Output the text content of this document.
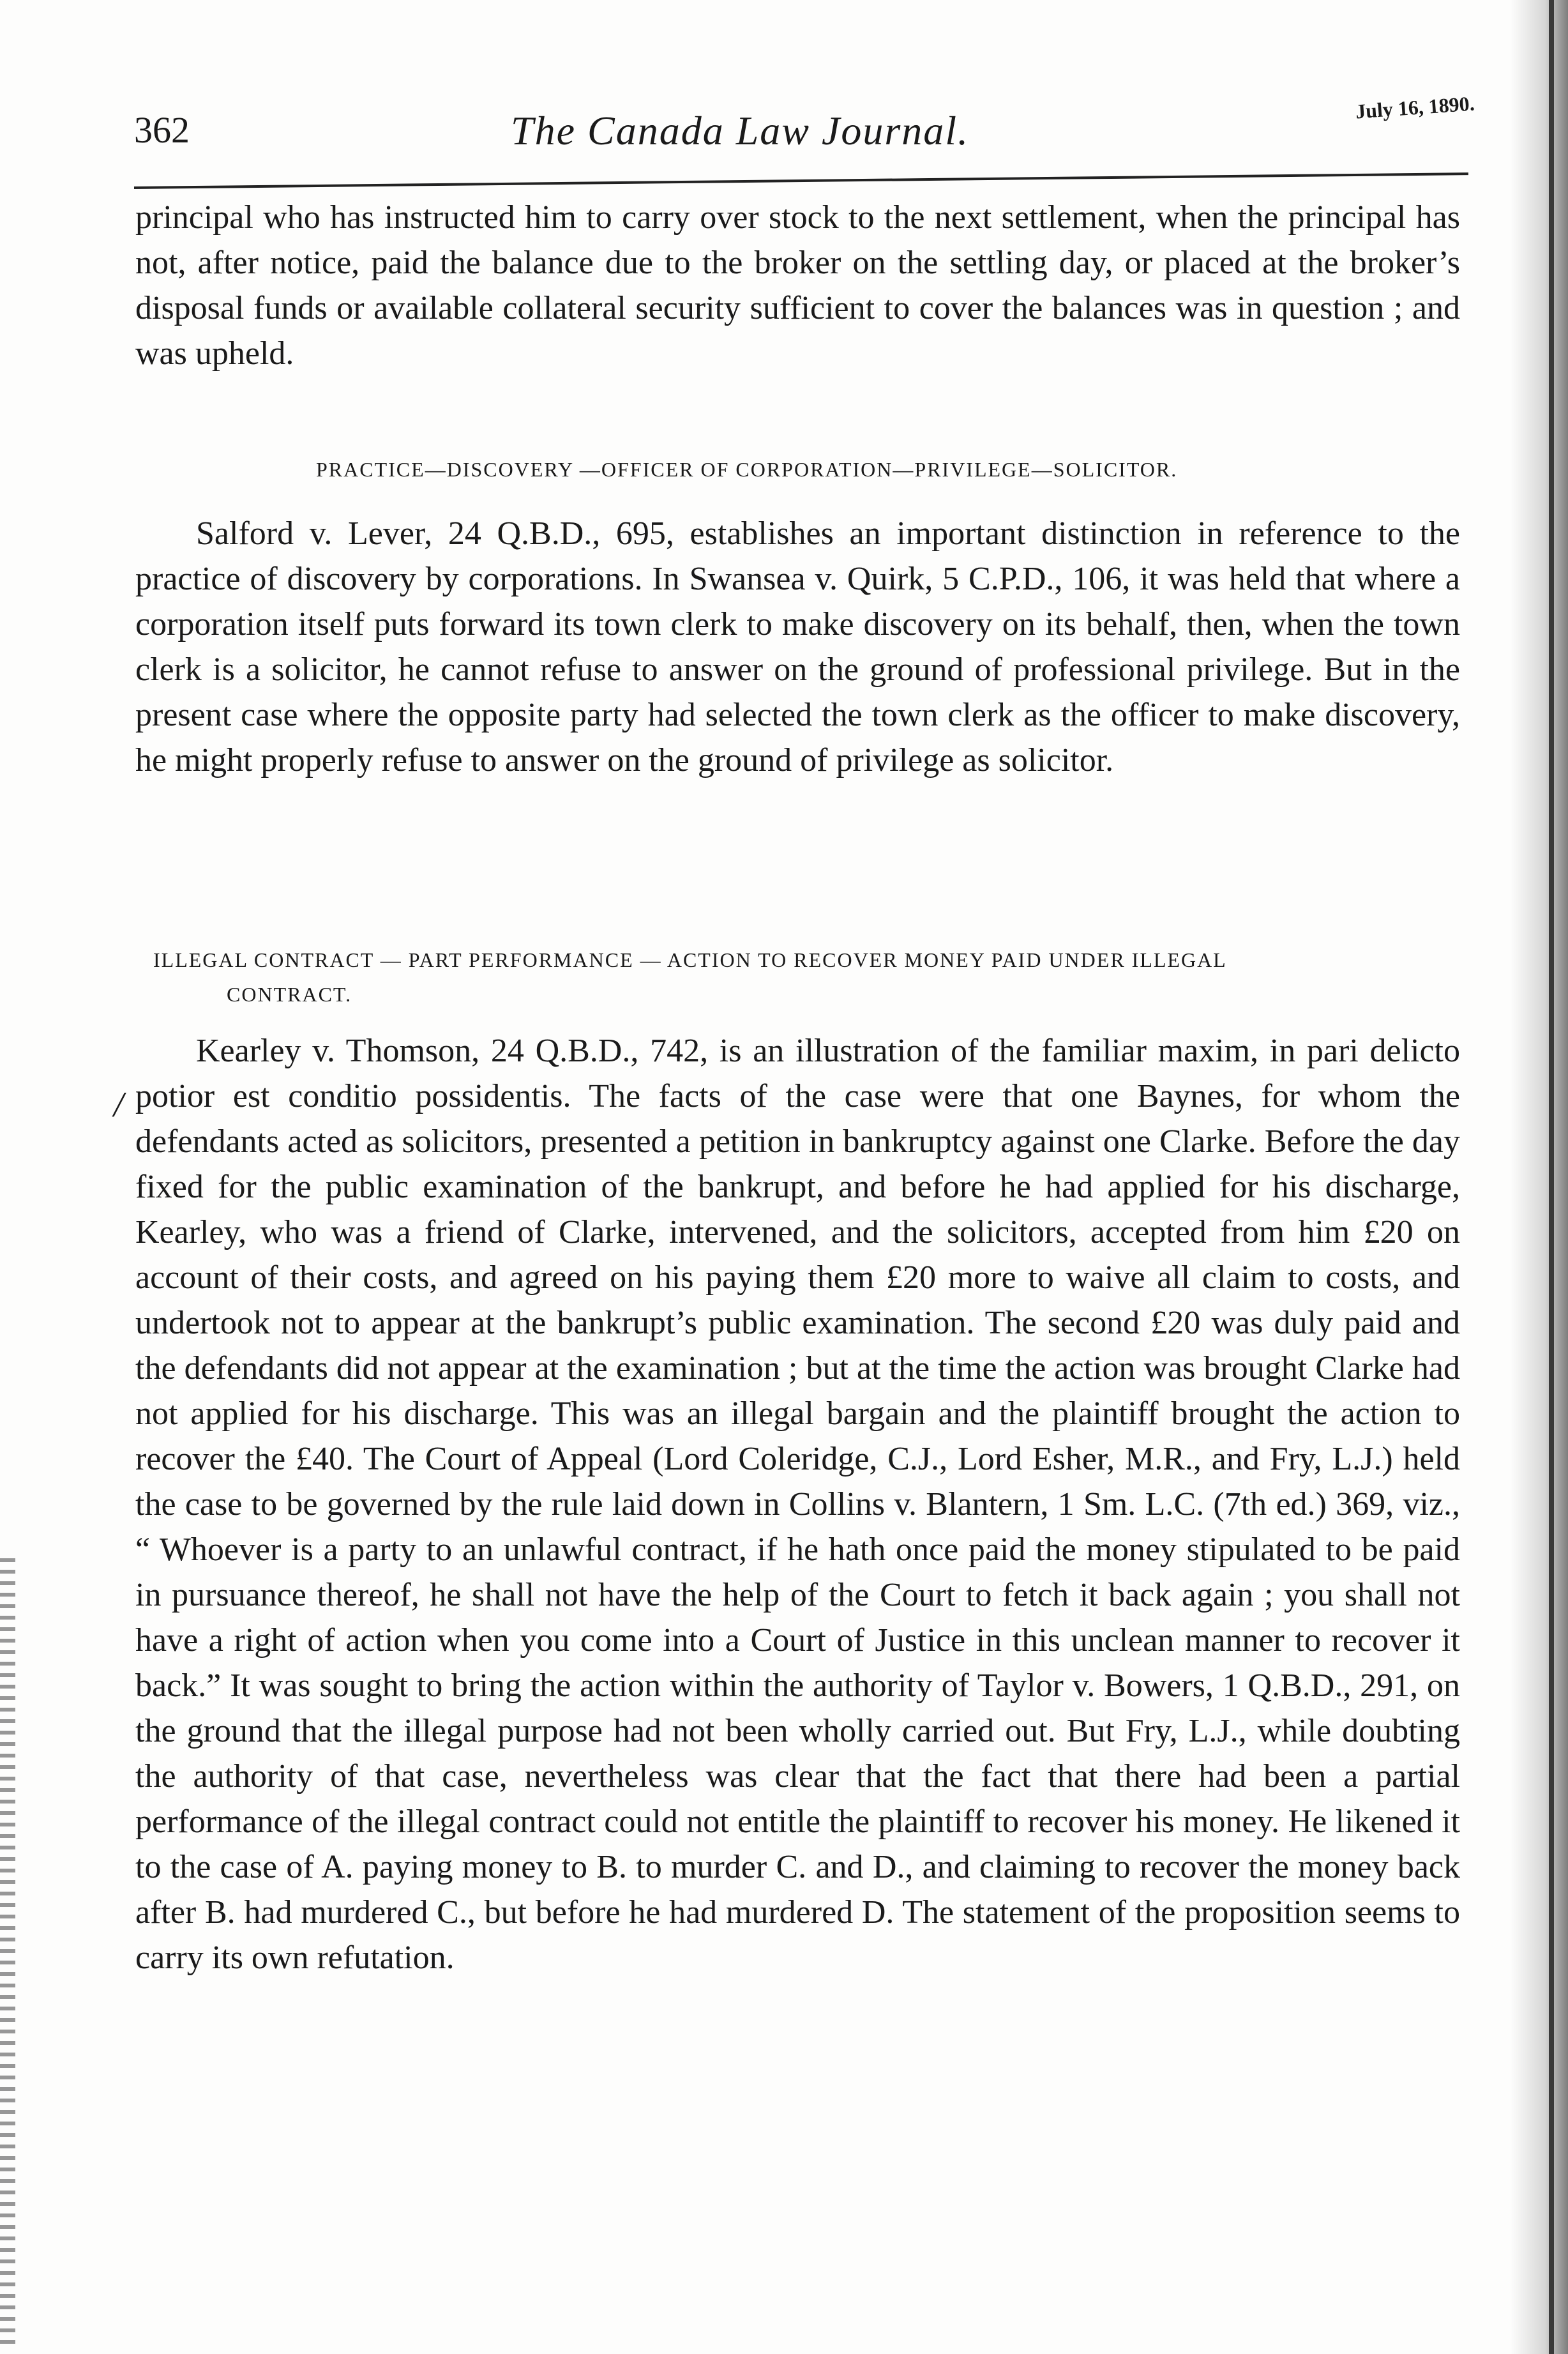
362	The Canada Law Journal.
July 16, 1890.

principal who has instructed him to carry over stock to the next settlement, when the principal has not, after notice, paid the balance due to the broker on the settling day, or placed at the broker’s disposal funds or available collateral security sufficient to cover the balances was in question ; and was upheld.

PRACTICE—DISCOVERY —OFFICER OF CORPORATION—PRIVILEGE—SOLICITOR.

Salford v. Lever, 24 Q.B.D., 695, establishes an important distinction in reference to the practice of discovery by corporations. In Swansea v. Quirk, 5 C.P.D., 106, it was held that where a corporation itself puts forward its town clerk to make discovery on its behalf, then, when the town clerk is a solicitor, he cannot refuse to answer on the ground of professional privilege. But in the present case where the opposite party had selected the town clerk as the officer to make discovery, he might properly refuse to answer on the ground of privilege as solicitor.

ILLEGAL CONTRACT — PART PERFORMANCE — ACTION TO RECOVER MONEY PAID UNDER ILLEGAL
CONTRACT.
/

Kearley v. Thomson, 24 Q.B.D., 742, is an illustration of the familiar maxim, in pari delicto potior est conditio possidentis. The facts of the case were that one Baynes, for whom the defendants acted as solicitors, presented a petition in bankruptcy against one Clarke. Before the day fixed for the public examination of the bankrupt, and before he had applied for his discharge, Kearley, who was a friend of Clarke, intervened, and the solicitors, accepted from him £20 on account of their costs, and agreed on his paying them £20 more to waive all claim to costs, and undertook not to appear at the bankrupt’s public examination. The second £20 was duly paid and the defendants did not appear at the examination ; but at the time the action was brought Clarke had not applied for his discharge. This was an illegal bargain and the plaintiff brought the action to recover the £40. The Court of Appeal (Lord Coleridge, C.J., Lord Esher, M.R., and Fry, L.J.) held the case to be governed by the rule laid down in Collins v. Blantern, 1 Sm. L.C. (7th ed.) 369, viz., “ Whoever is a party to an unlawful contract, if he hath once paid the money stipulated to be paid in pursuance thereof, he shall not have the help of the Court to fetch it back again ; you shall not have a right of action when you come into a Court of Justice in this unclean manner to recover it back.” It was sought to bring the action within the authority of Taylor v. Bowers, 1 Q.B.D., 291, on the ground that the illegal purpose had not been wholly carried out. But Fry, L.J., while doubting the authority of that case, nevertheless was clear that the fact that there had been a partial performance of the illegal contract could not entitle the plaintiff to recover his money. He likened it to the case of A. paying money to B. to murder C. and D., and claiming to recover the money back after B. had murdered C., but before he had murdered D. The statement of the proposition seems to carry its own refutation.
